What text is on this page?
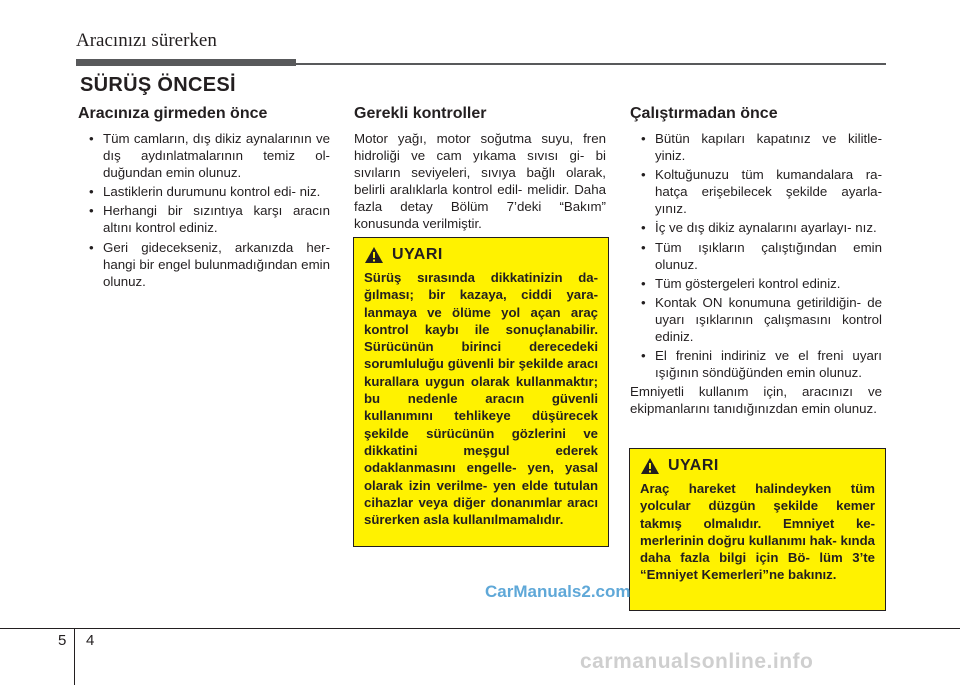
Aracınızı sürerken
SÜRÜŞ ÖNCESİ
Aracınıza girmeden önce
• Tüm camların, dış dikiz aynalarının ve dış aydınlatmalarının temiz ol- duğundan emin olunuz.
• Lastiklerin durumunu kontrol edi- niz.
• Herhangi bir sızıntıya karşı aracın altını kontrol ediniz.
• Geri gidecekseniz, arkanızda her- hangi bir engel bulunmadığından emin olunuz.
Gerekli kontroller

Motor yağı, motor soğutma suyu, fren hidroliği ve cam yıkama sıvısı gi- bi sıvıların seviyeleri, sıvıya bağlı olarak, belirli aralıklarla kontrol edil- melidir. Daha fazla detay Bölüm 7’deki “Bakım” konusunda verilmiştir.

UYARI
Sürüş sırasında dikkatinizin da- ğılması; bir kazaya, ciddi yara- lanmaya ve ölüme yol açan araç kontrol kaybı ile sonuçlanabilir. Sürücünün birinci derecedeki sorumluluğu güvenli bir şekilde aracı kurallara uygun olarak kullanmaktır; bu nedenle aracın güvenli kullanımını tehlikeye düşürecek şekilde sürücünün gözlerini ve dikkatini meşgul ederek odaklanmasını engelle- yen, yasal olarak izin verilme- yen elde tutulan cihazlar veya diğer donanımlar aracı sürerken asla kullanılmamalıdır.
Çalıştırmadan önce
• Bütün kapıları kapatınız ve kilitle- yiniz.
• Koltuğunuzu tüm kumandalara ra- hatça erişebilecek şekilde ayarla- yınız.
• İç ve dış dikiz aynalarını ayarlayı- nız.
• Tüm ışıkların çalıştığından emin olunuz.
• Tüm göstergeleri kontrol ediniz.
• Kontak ON konumuna getirildiğin- de uyarı ışıklarının çalışmasını kontrol ediniz.
• El frenini indiriniz ve el freni uyarı ışığının söndüğünden emin olunuz.

Emniyetli kullanım için, aracınızı ve ekipmanlarını tanıdığınızdan emin olunuz.

UYARI
Araç hareket halindeyken tüm yolcular düzgün şekilde kemer takmış olmalıdır. Emniyet ke- merlerinin doğru kullanımı hak- kında daha fazla bilgi için Bö- lüm 3’te “Emniyet Kemerleri”ne bakınız.
CarManuals2.com
5 4
carmanualsonline.info
